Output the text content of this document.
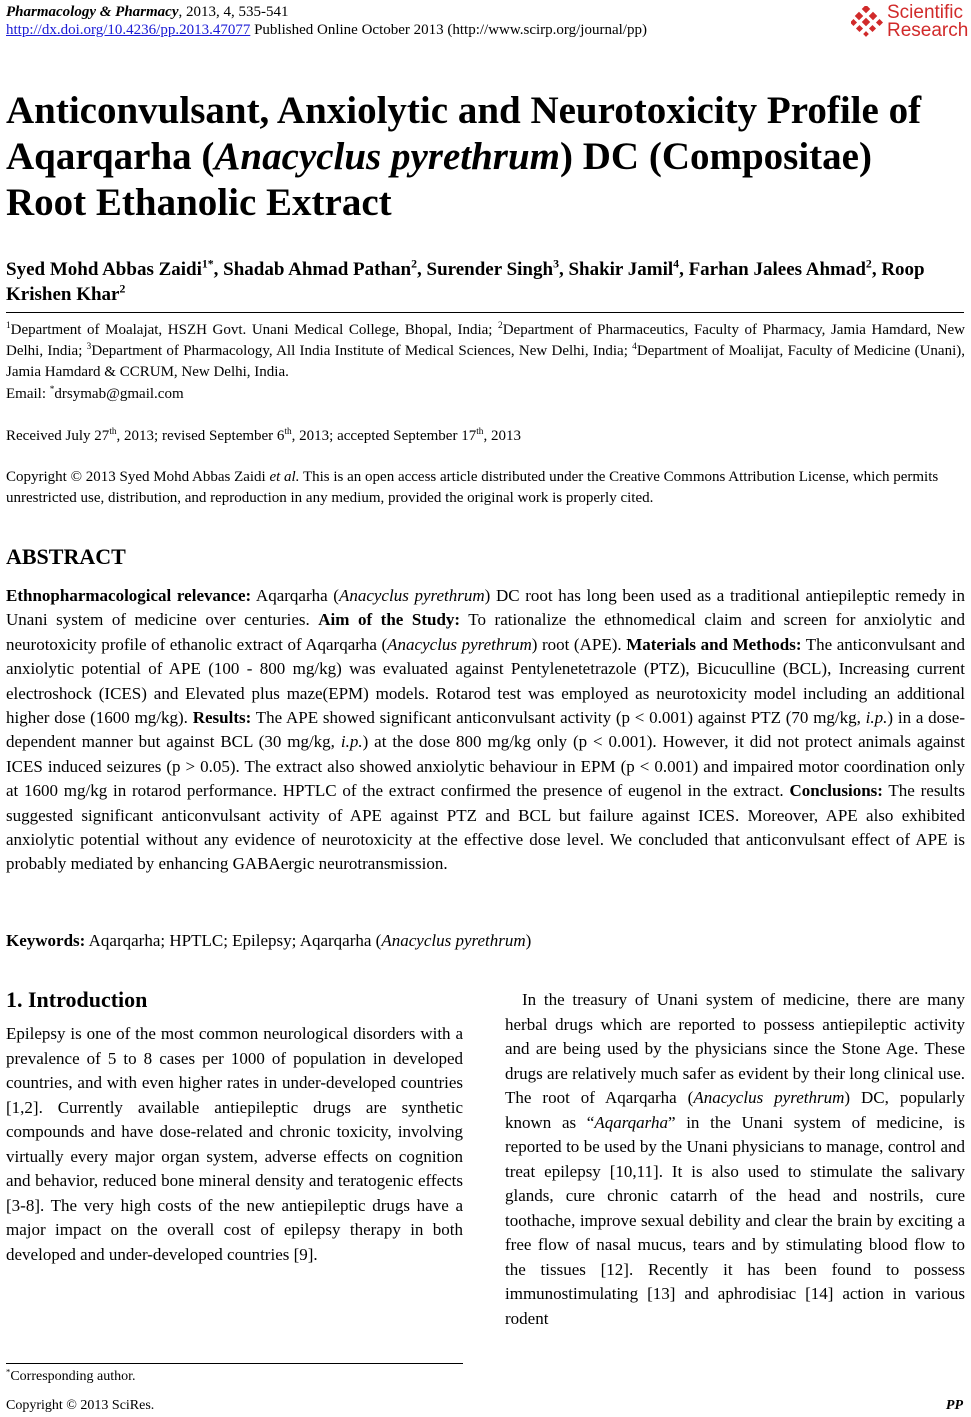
Pharmacology & Pharmacy, 2013, 4, 535-541
http://dx.doi.org/10.4236/pp.2013.47077 Published Online October 2013 (http://www.scirp.org/journal/pp)
Scientific
Research
Anticonvulsant, Anxiolytic and Neurotoxicity Profile of Aqarqarha (Anacyclus pyrethrum) DC (Compositae) Root Ethanolic Extract
Syed Mohd Abbas Zaidi$^{1*}$, Shadab Ahmad Pathan$^2$, Surender Singh$^3$, Shakir Jamil$^4$, Farhan Jalees Ahmad$^2$, Roop Krishen Khar$^2$
$^1$Department of Moalajat, HSZH Govt. Unani Medical College, Bhopal, India; $^2$Department of Pharmaceutics, Faculty of Pharmacy, Jamia Hamdard, New Delhi, India; $^3$Department of Pharmacology, All India Institute of Medical Sciences, New Delhi, India; $^4$Department of Moalijat, Faculty of Medicine (Unani), Jamia Hamdard & CCRUM, New Delhi, India.
Email: *drsymab@gmail.com
Received July 27th, 2013; revised September 6th, 2013; accepted September 17th, 2013
Copyright © 2013 Syed Mohd Abbas Zaidi et al. This is an open access article distributed under the Creative Commons Attribution License, which permits unrestricted use, distribution, and reproduction in any medium, provided the original work is properly cited.
ABSTRACT
Ethnopharmacological relevance: Aqarqarha (Anacyclus pyrethrum) DC root has long been used as a traditional antiepileptic remedy in Unani system of medicine over centuries. Aim of the Study: To rationalize the ethnomedical claim and screen for anxiolytic and neurotoxicity profile of ethanolic extract of Aqarqarha (Anacyclus pyrethrum) root (APE). Materials and Methods: The anticonvulsant and anxiolytic potential of APE (100 - 800 mg/kg) was evaluated against Pentylenetetrazole (PTZ), Bicuculline (BCL), Increasing current electroshock (ICES) and Elevated plus maze(EPM) models. Rotarod test was employed as neurotoxicity model including an additional higher dose (1600 mg/kg). Results: The APE showed significant anticonvulsant activity (p < 0.001) against PTZ (70 mg/kg, i.p.) in a dose-dependent manner but against BCL (30 mg/kg, i.p.) at the dose 800 mg/kg only (p < 0.001). However, it did not protect animals against ICES induced seizures (p > 0.05). The extract also showed anxiolytic behaviour in EPM (p < 0.001) and impaired motor coordination only at 1600 mg/kg in rotarod performance. HPTLC of the extract confirmed the presence of eugenol in the extract. Conclusions: The results suggested significant anticonvulsant activity of APE against PTZ and BCL but failure against ICES. Moreover, APE also exhibited anxiolytic potential without any evidence of neurotoxicity at the effective dose level. We concluded that anticonvulsant effect of APE is probably mediated by enhancing GABAergic neurotransmission.
Keywords: Aqarqarha; HPTLC; Epilepsy; Aqarqarha (Anacyclus pyrethrum)
1. Introduction
Epilepsy is one of the most common neurological disorders with a prevalence of 5 to 8 cases per 1000 of population in developed countries, and with even higher rates in under-developed countries [1,2]. Currently available antiepileptic drugs are synthetic compounds and have dose-related and chronic toxicity, involving virtually every major organ system, adverse effects on cognition and behavior, reduced bone mineral density and teratogenic effects [3-8]. The very high costs of the new antiepileptic drugs have a major impact on the overall cost of epilepsy therapy in both developed and under-developed countries [9].
In the treasury of Unani system of medicine, there are many herbal drugs which are reported to possess antiepileptic activity and are being used by the physicians since the Stone Age. These drugs are relatively much safer as evident by their long clinical use. The root of Aqarqarha (Anacyclus pyrethrum) DC, popularly known as “Aqarqarha” in the Unani system of medicine, is reported to be used by the Unani physicians to manage, control and treat epilepsy [10,11]. It is also used to stimulate the salivary glands, cure chronic catarrh of the head and nostrils, cure toothache, improve sexual debility and clear the brain by exciting a free flow of nasal mucus, tears and by stimulating blood flow to the tissues [12]. Recently it has been found to possess immunostimulating [13] and aphrodisiac [14] action in various rodent
*Corresponding author.
Copyright © 2013 SciRes.	PP
